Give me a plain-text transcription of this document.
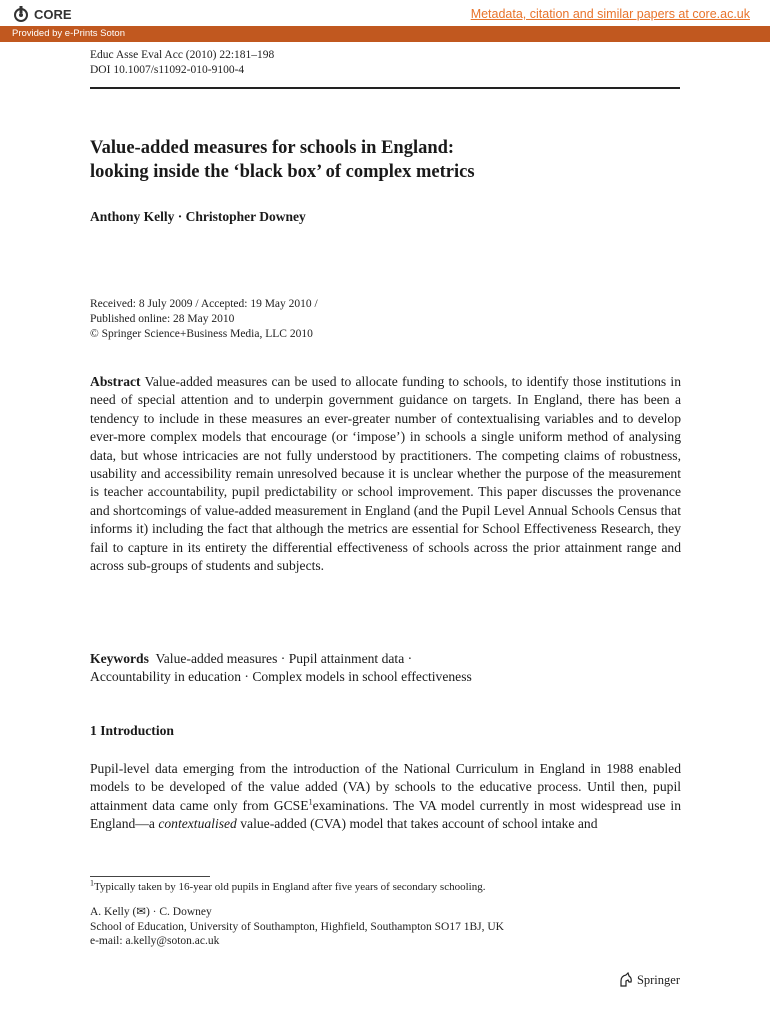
CORE	Metadata, citation and similar papers at core.ac.uk
Provided by e-Prints Soton
Educ Asse Eval Acc (2010) 22:181–198
DOI 10.1007/s11092-010-9100-4
Value-added measures for schools in England:
looking inside the ‘black box’ of complex metrics
Anthony Kelly · Christopher Downey
Received: 8 July 2009 / Accepted: 19 May 2010 /
Published online: 28 May 2010
© Springer Science+Business Media, LLC 2010
Abstract Value-added measures can be used to allocate funding to schools, to identify those institutions in need of special attention and to underpin government guidance on targets. In England, there has been a tendency to include in these measures an ever-greater number of contextualising variables and to develop ever-more complex models that encourage (or ‘impose’) in schools a single uniform method of analysing data, but whose intricacies are not fully understood by practitioners. The competing claims of robustness, usability and accessibility remain unresolved because it is unclear whether the purpose of the measurement is teacher accountability, pupil predictability or school improvement. This paper discusses the provenance and shortcomings of value-added measurement in England (and the Pupil Level Annual Schools Census that informs it) including the fact that although the metrics are essential for School Effectiveness Research, they fail to capture in its entirety the differential effectiveness of schools across the prior attainment range and across sub-groups of students and subjects.
Keywords Value-added measures · Pupil attainment data ·
Accountability in education · Complex models in school effectiveness
1 Introduction
Pupil-level data emerging from the introduction of the National Curriculum in England in 1988 enabled models to be developed of the value added (VA) by schools to the educative process. Until then, pupil attainment data came only from GCSE$^1$examinations. The VA model currently in most widespread use in England—a contextualised value-added (CVA) model that takes account of school intake and
$^1$Typically taken by 16-year old pupils in England after five years of secondary schooling.
A. Kelly (✉) · C. Downey
School of Education, University of Southampton, Highfield, Southampton SO17 1BJ, UK
e-mail: a.kelly@soton.ac.uk
Springer
